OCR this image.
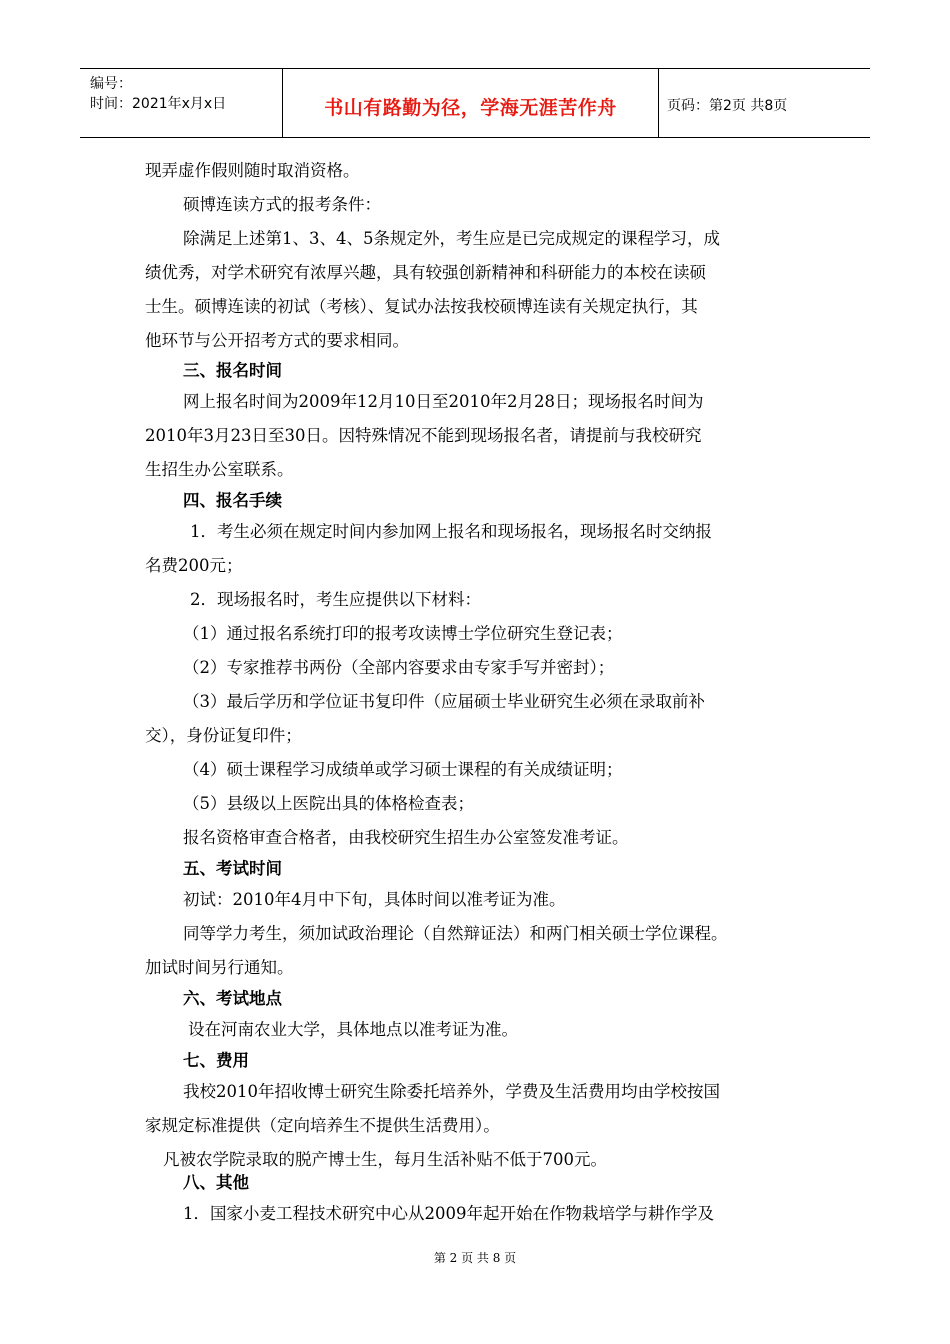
编号：
时间：2021年x月x日	书山有路勤为径，学海无涯苦作舟	页码：第2页 共8页
现弄虚作假则随时取消资格。
硕博连读方式的报考条件：
除满足上述第1、3、4、5条规定外，考生应是已完成规定的课程学习，成
绩优秀，对学术研究有浓厚兴趣，具有较强创新精神和科研能力的本校在读硕
士生。硕博连读的初试（考核）、复试办法按我校硕博连读有关规定执行，其
他环节与公开招考方式的要求相同。
三、报名时间
网上报名时间为2009年12月10日至2010年2月28日；现场报名时间为
2010年3月23日至30日。因特殊情况不能到现场报名者，请提前与我校研究
生招生办公室联系。
四、报名手续
1．考生必须在规定时间内参加网上报名和现场报名，现场报名时交纳报
名费200元；
2．现场报名时，考生应提供以下材料：
（1）通过报名系统打印的报考攻读博士学位研究生登记表；
（2）专家推荐书两份（全部内容要求由专家手写并密封）；
（3）最后学历和学位证书复印件（应届硕士毕业研究生必须在录取前补
交），身份证复印件；
（4）硕士课程学习成绩单或学习硕士课程的有关成绩证明；
（5）县级以上医院出具的体格检查表；
报名资格审查合格者，由我校研究生招生办公室签发准考证。
五、考试时间
初试：2010年4月中下旬，具体时间以准考证为准。
同等学力考生，须加试政治理论（自然辩证法）和两门相关硕士学位课程。
加试时间另行通知。
六、考试地点
设在河南农业大学，具体地点以准考证为准。
七、费用
我校2010年招收博士研究生除委托培养外，学费及生活费用均由学校按国
家规定标准提供（定向培养生不提供生活费用）。
凡被农学院录取的脱产博士生，每月生活补贴不低于700元。
八、其他
1．国家小麦工程技术研究中心从2009年起开始在作物栽培学与耕作学及
第 2 页 共 8 页
